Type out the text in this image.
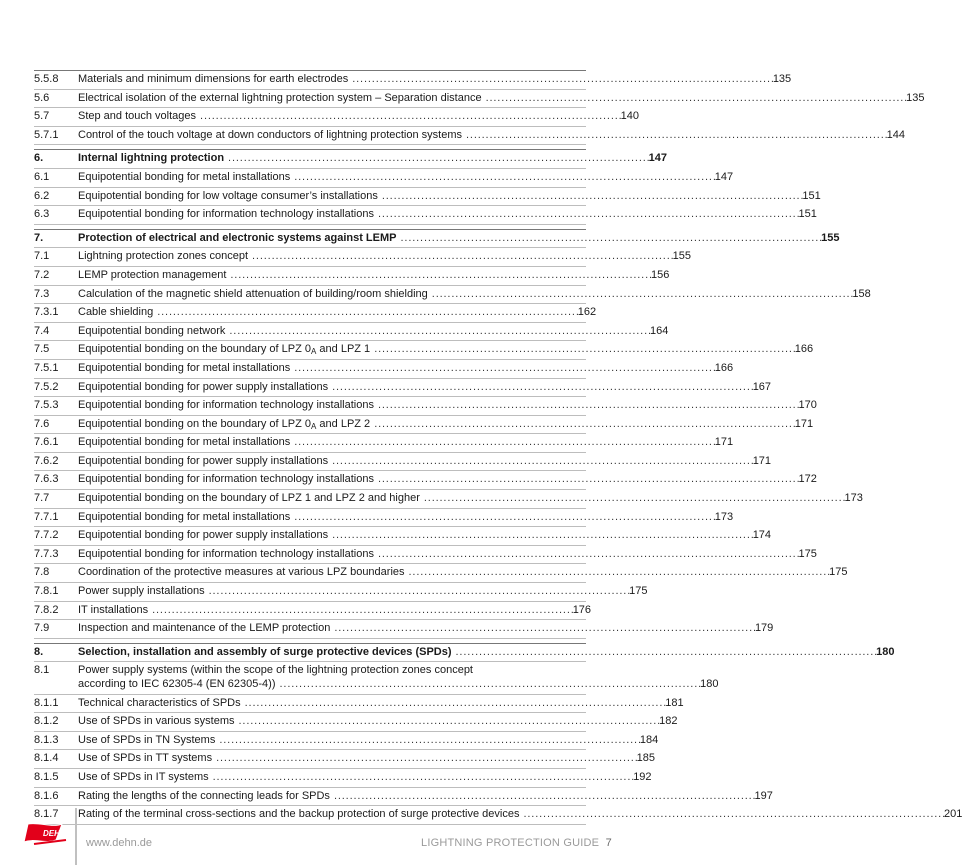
5.5.8	Materials and minimum dimensions for earth electrodes . . .	135
5.6	Electrical isolation of the external lightning protection system – Separation distance . . .	135
5.7	Step and touch voltages . . .	140
5.7.1	Control of the touch voltage at down conductors of lightning protection systems . . .	144
6.	Internal lightning protection . . .	147
6.1	Equipotential bonding for metal installations . . .	147
6.2	Equipotential bonding for low voltage consumer’s installations . . .	151
6.3	Equipotential bonding for information technology installations . . .	151
7.	Protection of electrical and electronic systems against LEMP . . .	155
7.1	Lightning protection zones concept . . .	155
7.2	LEMP protection management . . .	156
7.3	Calculation of the magnetic shield attenuation of building/room shielding . . .	158
7.3.1	Cable shielding . . .	162
7.4	Equipotential bonding network . . .	164
7.5	Equipotential bonding on the boundary of LPZ $0_A$ and LPZ 1 . . .	166
7.5.1	Equipotential bonding for metal installations . . .	166
7.5.2	Equipotential bonding for power supply installations . . .	167
7.5.3	Equipotential bonding for information technology installations . . .	170
7.6	Equipotential bonding on the boundary of LPZ $0_A$ and LPZ 2 . . .	171
7.6.1	Equipotential bonding for metal installations . . .	171
7.6.2	Equipotential bonding for power supply installations . . .	171
7.6.3	Equipotential bonding for information technology installations . . .	172
7.7	Equipotential bonding on the boundary of LPZ 1 and LPZ 2 and higher . . .	173
7.7.1	Equipotential bonding for metal installations . . .	173
7.7.2	Equipotential bonding for power supply installations . . .	174
7.7.3	Equipotential bonding for information technology installations . . .	175
7.8	Coordination of the protective measures at various LPZ boundaries . . .	175
7.8.1	Power supply installations . . .	175
7.8.2	IT installations . . .	176
7.9	Inspection and maintenance of the LEMP protection . . .	179
8.	Selection, installation and assembly of surge protective devices (SPDs) . . .	180
8.1	Power supply systems (within the scope of the lightning protection zones concept
according to IEC 62305-4 (EN 62305-4)) . . .	180
8.1.1	Technical characteristics of SPDs . . .	181
8.1.2	Use of SPDs in various systems . . .	182
8.1.3	Use of SPDs in TN Systems . . .	184
8.1.4	Use of SPDs in TT systems . . .	185
8.1.5	Use of SPDs in IT systems . . .	192
8.1.6	Rating the lengths of the connecting leads for SPDs . . .	197
8.1.7	Rating of the terminal cross-sections and the backup protection of surge protective devices . . .	201
DEHN
www.dehn.de	LIGHTNING PROTECTION GUIDE 7
